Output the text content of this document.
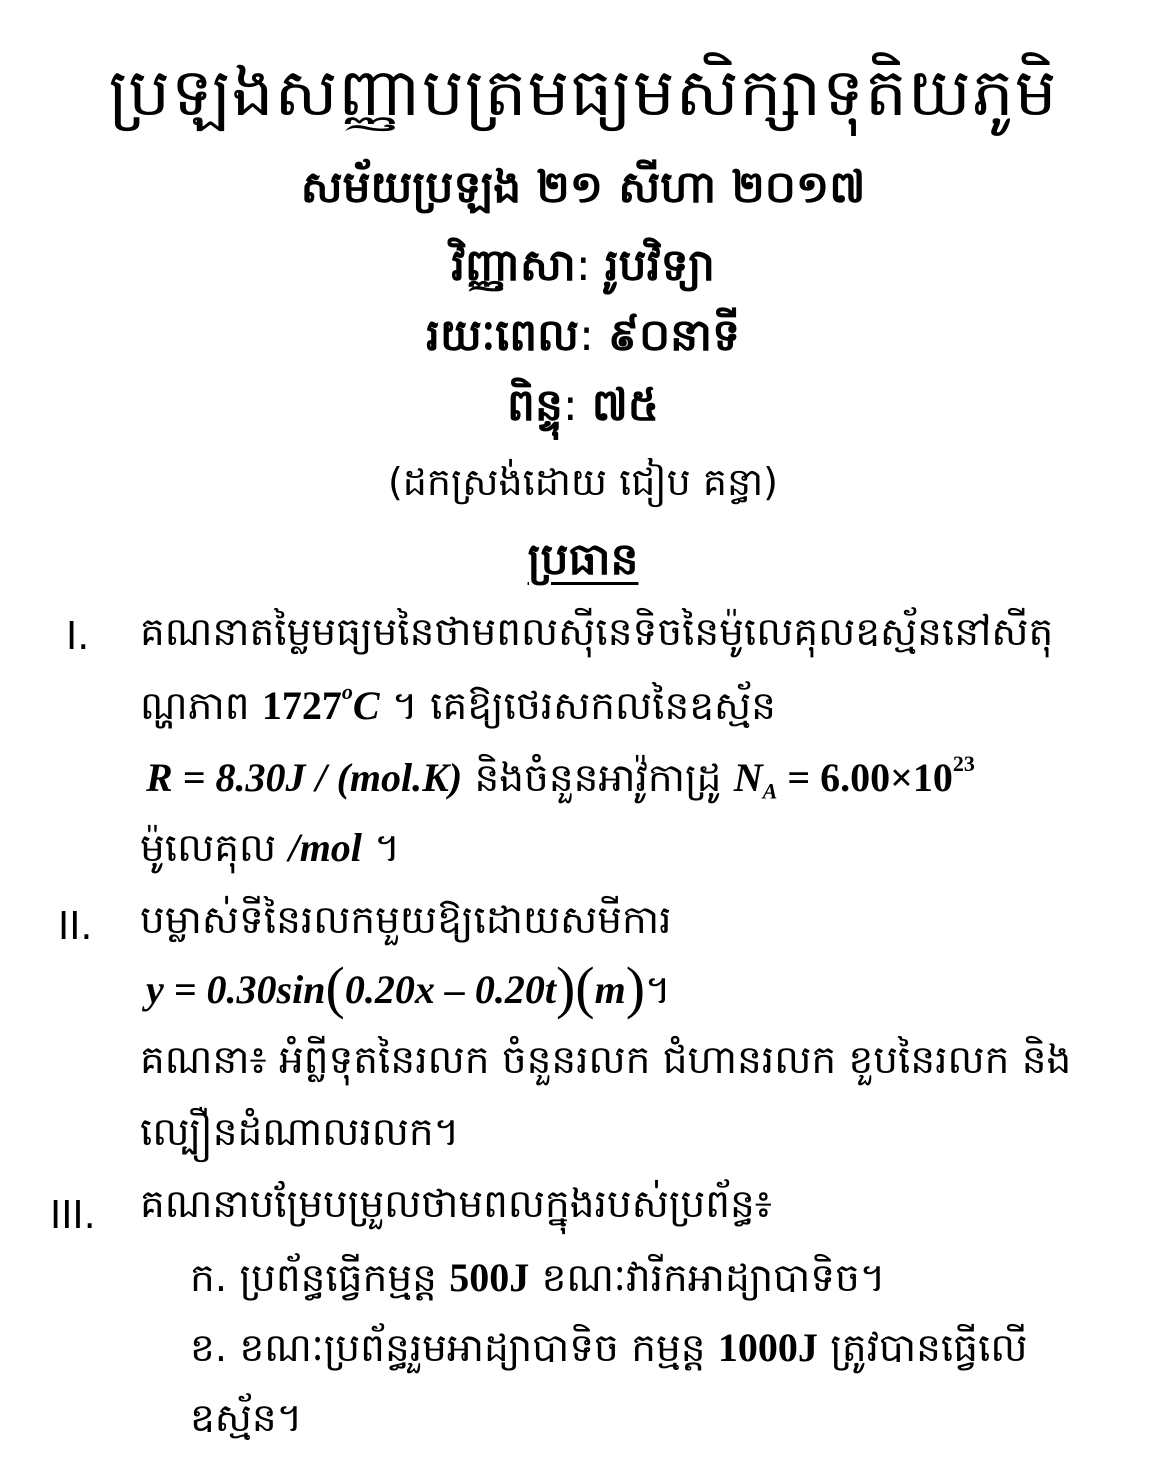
ប្រឡងសញ្ញាបត្រមធ្យមសិក្សាទុតិយភូមិ
សម័យប្រឡង ២១ សីហា ២០១៧
វិញ្ញាសា: រូបវិទ្យា
រយៈពេល: ៩០នាទី
ពិន្ទុ: ៧៥
(ដកស្រង់ដោយ ជៀប គន្ធា)
ប្រធាន
I. គណនាតម្លៃមធ្យមនៃថាមពលស៊ីនេទិចនៃម៉ូលេគុលឧស្ម័ននៅសីតុ
ណ្ហភាព 1727$^o$C ។ គេឱ្យថេរសកលនៃឧស្ម័ន
R = 8.30J / (mol.K) និងចំនួនអាវ៉ូកាដ្រូ $N_A = 6.00\times 10^{23}$
ម៉ូលេគុល /mol ។
II. បម្លាស់ទីនៃរលកមួយឱ្យដោយសមីការ
y = 0.30sin(0.20x – 0.20t)(m)។
គណនា៖ អំព្លីទុតនៃរលក ចំនួនរលក ជំហានរលក ខួបនៃរលក និង
ល្បឿនដំណាលរលក។
III. គណនាបម្រែបម្រួលថាមពលក្នុងរបស់ប្រព័ន្ធ៖
ក. ប្រព័ន្ធធ្វើកម្មន្ត 500J ខណៈវារីកអាដ្យាបាទិច។
ខ. ខណៈប្រព័ន្ធរួមអាដ្យាបាទិច កម្មន្ត 1000J ត្រូវបានធ្វើលើ
ឧស្ម័ន។
